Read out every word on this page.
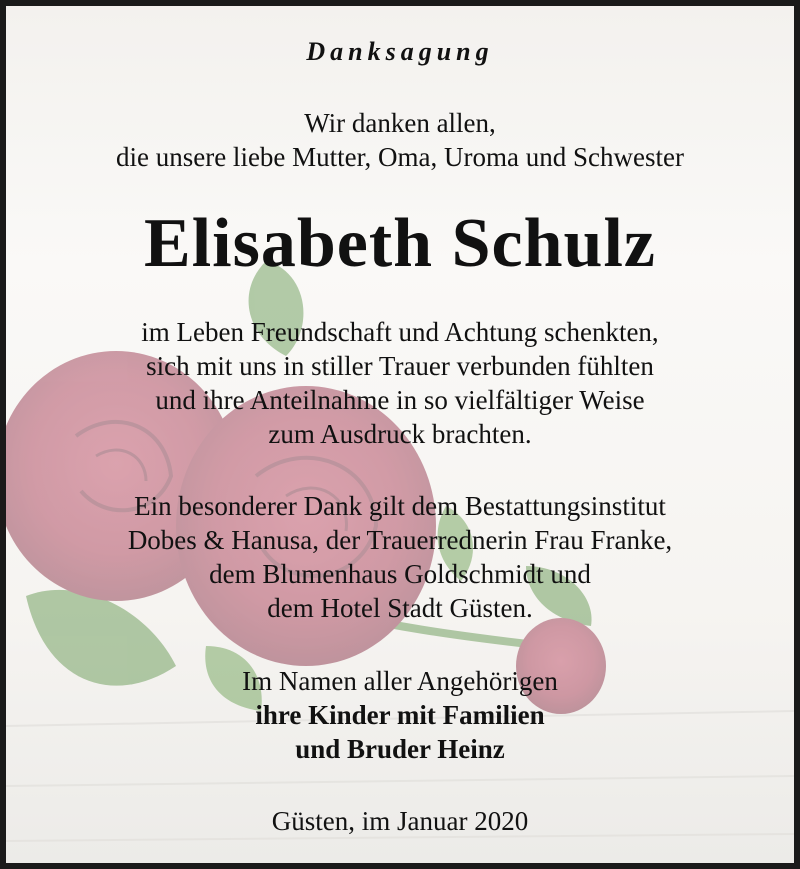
Danksagung

Wir danken allen,

die unsere liebe Mutter, Oma, Uroma und Schwester

Elisabeth Schulz

im Leben Freundschaft und Achtung schenkten,

sich mit uns in stiller Trauer verbunden fühlten

und ihre Anteilnahme in so vielfältiger Weise

zum Ausdruck brachten.

Ein besonderer Dank gilt dem Bestattungsinstitut

Dobes & Hanusa, der Trauerrednerin Frau Franke,

dem Blumenhaus Goldschmidt und

dem Hotel Stadt Güsten.

Im Namen aller Angehörigen

ihre Kinder mit Familien

und Bruder Heinz

Güsten, im Januar 2020
